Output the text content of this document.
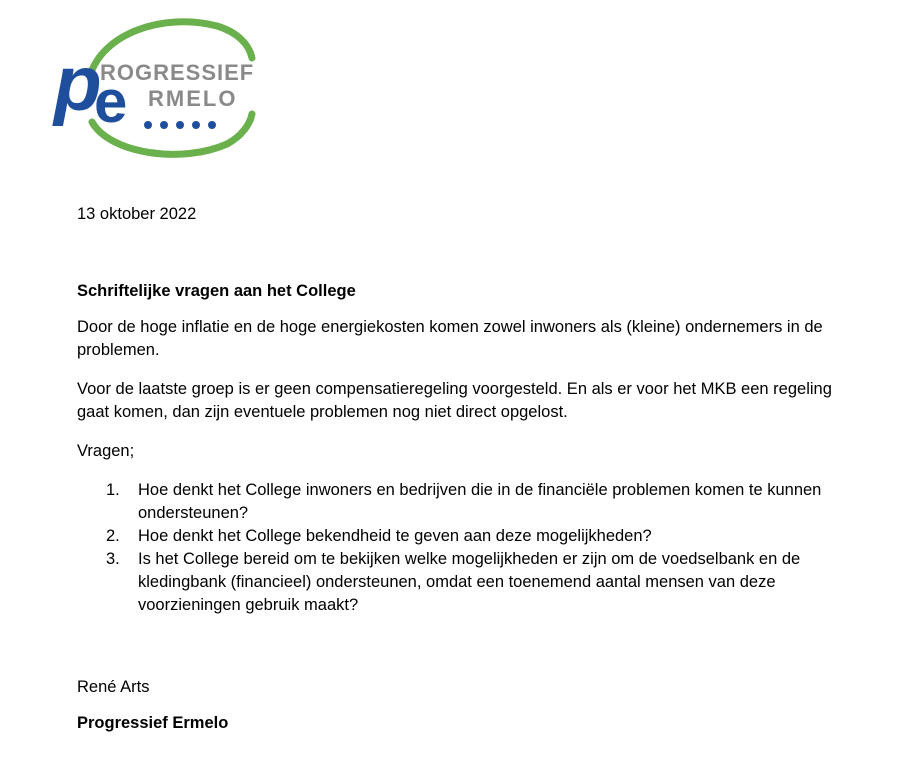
p
e
ROGRESSIEF
RMELO
13 oktober 2022
Schriftelijke vragen aan het College
Door de hoge inflatie en de hoge energiekosten komen zowel inwoners als (kleine) ondernemers in de problemen.
Voor de laatste groep is er geen compensatieregeling voorgesteld. En als er voor het MKB een regeling gaat komen, dan zijn eventuele problemen nog niet direct opgelost.
Vragen;
1. Hoe denkt het College inwoners en bedrijven die in de financiële problemen komen te kunnen ondersteunen?
2. Hoe denkt het College bekendheid te geven aan deze mogelijkheden?
3. Is het College bereid om te bekijken welke mogelijkheden er zijn om de voedselbank en de kledingbank (financieel) ondersteunen, omdat een toenemend aantal mensen van deze voorzieningen gebruik maakt?
René Arts
Progressief Ermelo
